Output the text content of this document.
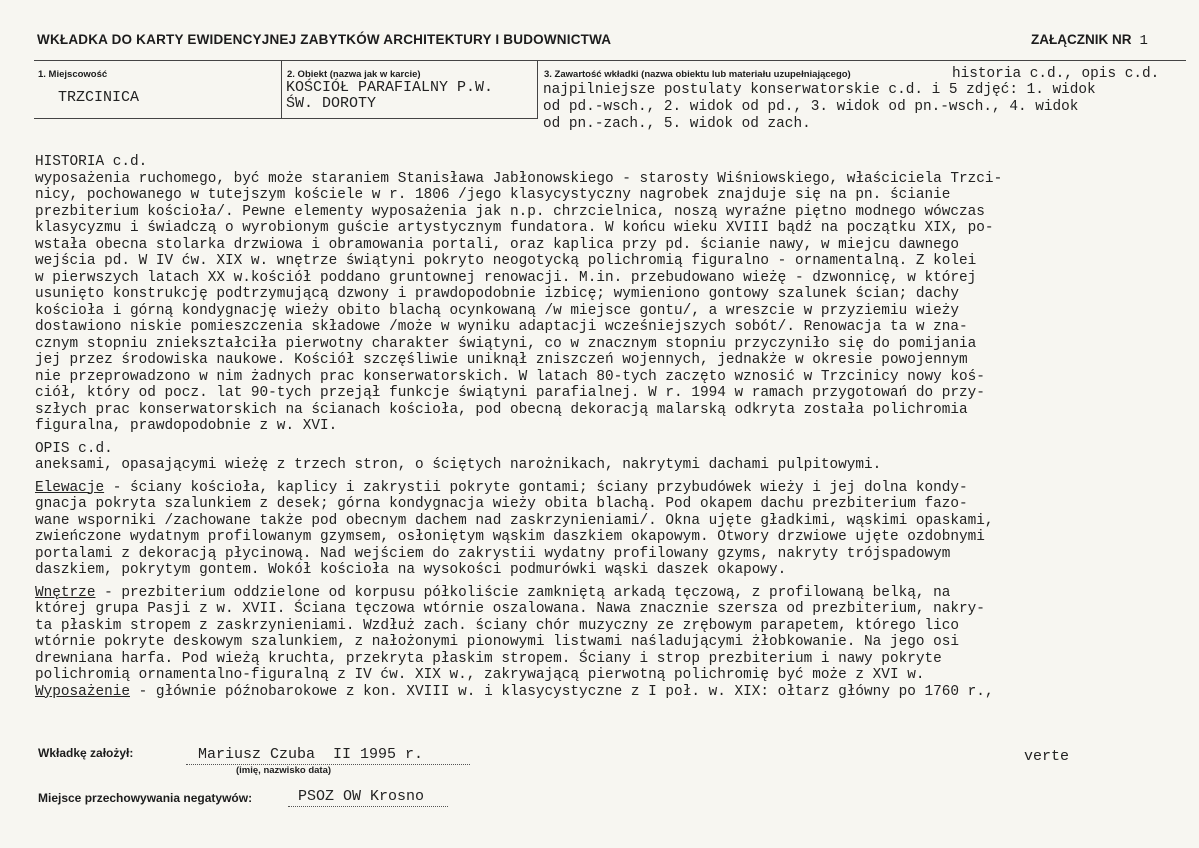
WKŁADKA DO KARTY EWIDENCYJNEJ ZABYTKÓW ARCHITEKTURY I BUDOWNICTWA	ZAŁĄCZNIK NR 1
1. Miejscowość
TRZCINICA
2. Obiekt (nazwa jak w karcie)
KOŚCIÓŁ PARAFIALNY P.W.
ŚW. DOROTY
3. Zawartość wkładki (nazwa obiektu lub materiału uzupełniającego)	historia c.d., opis c.d.
najpilniejsze postulaty konserwatorskie c.d. i 5 zdjęć: 1. widok
od pd.-wsch., 2. widok od pd., 3. widok od pn.-wsch., 4. widok
od pn.-zach., 5. widok od zach.
HISTORIA c.d.
wyposażenia ruchomego, być może staraniem Stanisława Jabłonowskiego - starosty Wiśniowskiego, właściciela Trzci-
nicy, pochowanego w tutejszym kościele w r. 1806 /jego klasycystyczny nagrobek znajduje się na pn. ścianie
prezbiterium kościoła/. Pewne elementy wyposażenia jak n.p. chrzcielnica, noszą wyraźne piętno modnego wówczas
klasycyzmu i świadczą o wyrobionym guście artystycznym fundatora. W końcu wieku XVIII bądź na początku XIX, po-
wstała obecna stolarka drzwiowa i obramowania portali, oraz kaplica przy pd. ścianie nawy, w miejcu dawnego
wejścia pd. W IV ćw. XIX w. wnętrze świątyni pokryto neogotycką polichromią figuralno - ornamentalną. Z kolei
w pierwszych latach XX w.kościół poddano gruntownej renowacji. M.in. przebudowano wieżę - dzwonnicę, w której
usunięto konstrukcję podtrzymującą dzwony i prawdopodobnie izbicę; wymieniono gontowy szalunek ścian; dachy
kościoła i górną kondygnację wieży obito blachą ocynkowaną /w miejsce gontu/, a wreszcie w przyziemiu wieży
dostawiono niskie pomieszczenia składowe /może w wyniku adaptacji wcześniejszych sobót/. Renowacja ta w zna-
cznym stopniu zniekształciła pierwotny charakter świątyni, co w znacznym stopniu przyczyniło się do pomijania
jej przez środowiska naukowe. Kościół szczęśliwie uniknął zniszczeń wojennych, jednakże w okresie powojennym
nie przeprowadzono w nim żadnych prac konserwatorskich. W latach 80-tych zaczęto wznosić w Trzcinicy nowy koś-
ciół, który od pocz. lat 90-tych przejął funkcje świątyni parafialnej. W r. 1994 w ramach przygotowań do przy-
szłych prac konserwatorskich na ścianach kościoła, pod obecną dekoracją malarską odkryta została polichromia
figuralna, prawdopodobnie z w. XVI.
OPIS c.d.
aneksami, opasającymi wieżę z trzech stron, o ściętych narożnikach, nakrytymi dachami pulpitowymi.
Elewacje - ściany kościoła, kaplicy i zakrystii pokryte gontami; ściany przybudówek wieży i jej dolna kondy-
gnacja pokryta szalunkiem z desek; górna kondygnacja wieży obita blachą. Pod okapem dachu prezbiterium fazo-
wane wsporniki /zachowane także pod obecnym dachem nad zaskrzynieniami/. Okna ujęte gładkimi, wąskimi opaskami,
zwieńczone wydatnym profilowanym gzymsem, osłoniętym wąskim daszkiem okapowym. Otwory drzwiowe ujęte ozdobnymi
portalami z dekoracją płycinową. Nad wejściem do zakrystii wydatny profilowany gzyms, nakryty trójspadowym
daszkiem, pokrytym gontem. Wokół kościoła na wysokości podmurówki wąski daszek okapowy.
Wnętrze - prezbiterium oddzielone od korpusu półkoliście zamkniętą arkadą tęczową, z profilowaną belką, na
której grupa Pasji z w. XVII. Ściana tęczowa wtórnie oszalowana. Nawa znacznie szersza od prezbiterium, nakry-
ta płaskim stropem z zaskrzynieniami. Wzdłuż zach. ściany chór muzyczny ze zrębowym parapetem, którego lico
wtórnie pokryte deskowym szalunkiem, z nałożonymi pionowymi listwami naśladującymi żłobkowanie. Na jego osi
drewniana harfa. Pod wieżą kruchta, przekryta płaskim stropem. Ściany i strop prezbiterium i nawy pokryte
polichromią ornamentalno-figuralną z IV ćw. XIX w., zakrywającą pierwotną polichromię być może z XVI w.
Wyposażenie - głównie późnobarokowe z kon. XVIII w. i klasycystyczne z I poł. w. XIX: ołtarz główny po 1760 r.,
Wkładkę założył:	Mariusz Czuba  II 1995 r.
(imię, nazwisko data)
verte
Miejsce przechowywania negatywów:	PSOZ OW Krosno
